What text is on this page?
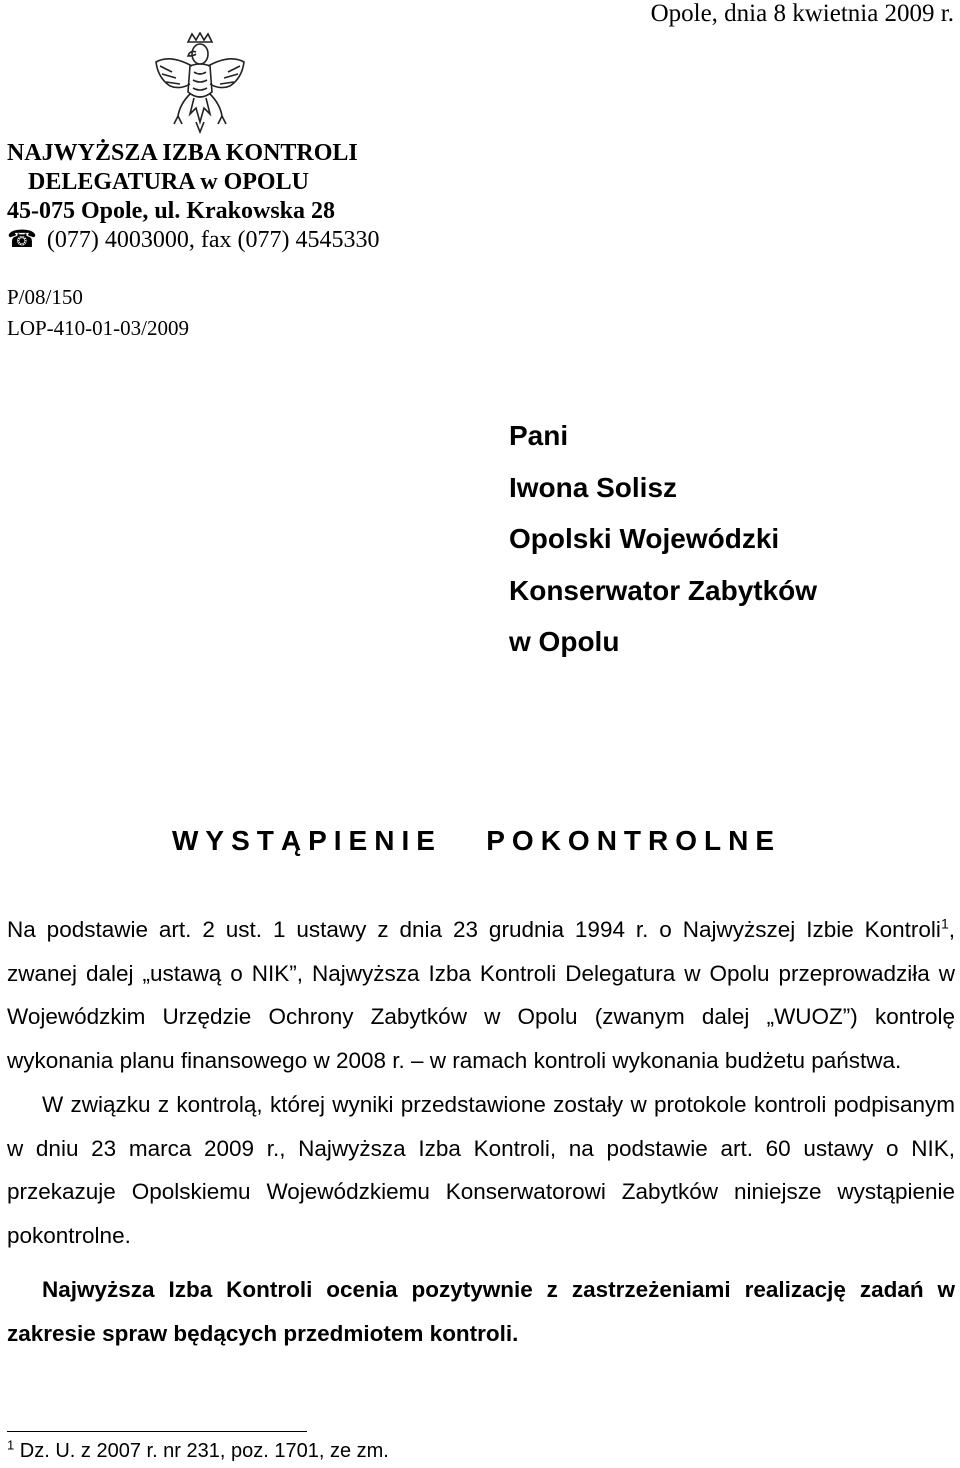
Opole, dnia 8 kwietnia 2009 r.
NAJWYŻSZA IZBA KONTROLI
DELEGATURA w OPOLU
45-075 Opole, ul. Krakowska 28
☎ (077) 4003000, fax (077) 4545330
P/08/150
LOP-410-01-03/2009
Pani
Iwona Solisz
Opolski Wojewódzki
Konserwator Zabytków
w Opolu
WYSTĄPIENIE   POKONTROLNE

Na podstawie art. 2 ust. 1 ustawy z dnia 23 grudnia 1994 r. o Najwyższej Izbie Kontroli$^1$, zwanej dalej „ustawą o NIK”, Najwyższa Izba Kontroli Delegatura w Opolu przeprowadziła w Wojewódzkim Urzędzie Ochrony Zabytków w Opolu (zwanym dalej „WUOZ”) kontrolę wykonania planu finansowego w 2008 r. – w ramach kontroli wykonania budżetu państwa.

W związku z kontrolą, której wyniki przedstawione zostały w protokole kontroli podpisanym w dniu 23 marca 2009 r., Najwyższa Izba Kontroli, na podstawie art. 60 ustawy o NIK, przekazuje Opolskiemu Wojewódzkiemu Konserwatorowi Zabytków niniejsze wystąpienie pokontrolne.

Najwyższa Izba Kontroli ocenia pozytywnie z zastrzeżeniami realizację zadań w zakresie spraw będących przedmiotem kontroli.

$^1$ Dz. U. z 2007 r. nr 231, poz. 1701, ze zm.
